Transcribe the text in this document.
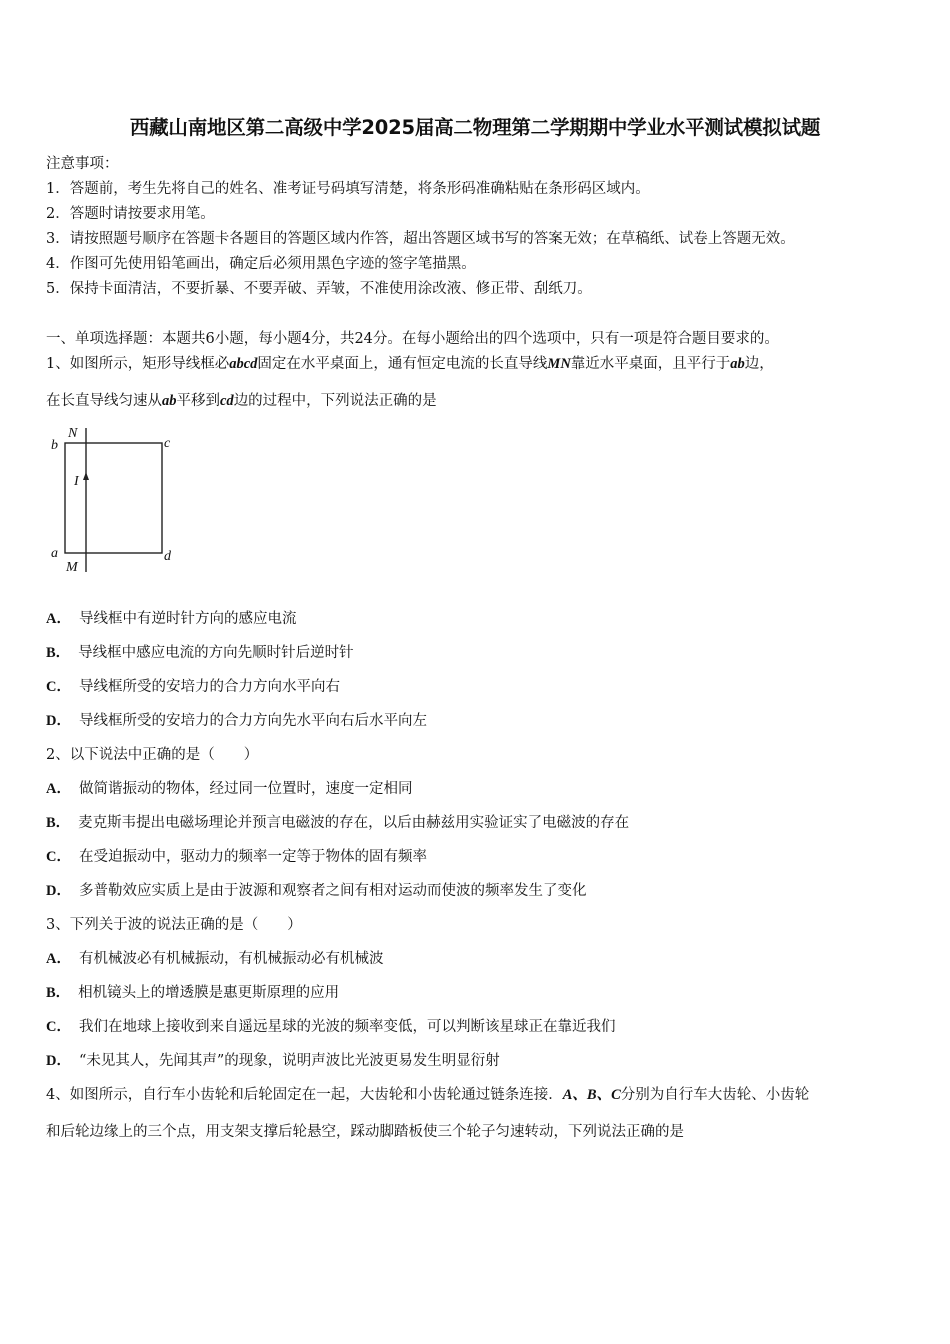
西藏山南地区第二高级中学2025届高二物理第二学期期中学业水平测试模拟试题
注意事项：
1．答题前，考生先将自己的姓名、准考证号码填写清楚，将条形码准确粘贴在条形码区域内。
2．答题时请按要求用笔。
3．请按照题号顺序在答题卡各题目的答题区域内作答，超出答题区域书写的答案无效；在草稿纸、试卷上答题无效。
4．作图可先使用铅笔画出，确定后必须用黑色字迹的签字笔描黑。
5．保持卡面清洁，不要折暴、不要弄破、弄皱，不准使用涂改液、修正带、刮纸刀。
一、单项选择题：本题共6小题，每小题4分，共24分。在每小题给出的四个选项中，只有一项是符合题目要求的。
1、如图所示，矩形导线框必abcd固定在水平桌面上，通有恒定电流的长直导线MN靠近水平桌面，且平行于ab边，
在长直导线匀速从ab平移到cd边的过程中，下列说法正确的是
N
M
b	c
a	d
I
A． 导线框中有逆时针方向的感应电流
B． 导线框中感应电流的方向先顺时针后逆时针
C． 导线框所受的安培力的合力方向水平向右
D． 导线框所受的安培力的合力方向先水平向右后水平向左
2、以下说法中正确的是（　　）
A． 做简谐振动的物体，经过同一位置时，速度一定相同
B． 麦克斯韦提出电磁场理论并预言电磁波的存在，以后由赫兹用实验证实了电磁波的存在
C． 在受迫振动中，驱动力的频率一定等于物体的固有频率
D． 多普勒效应实质上是由于波源和观察者之间有相对运动而使波的频率发生了变化
3、下列关于波的说法正确的是（　　）
A． 有机械波必有机械振动，有机械振动必有机械波
B． 相机镜头上的增透膜是惠更斯原理的应用
C． 我们在地球上接收到来自遥远星球的光波的频率变低，可以判断该星球正在靠近我们
D． “未见其人，先闻其声”的现象，说明声波比光波更易发生明显衍射
4、如图所示，自行车小齿轮和后轮固定在一起，大齿轮和小齿轮通过链条连接．A、B、C分别为自行车大齿轮、小齿轮
和后轮边缘上的三个点，用支架支撑后轮悬空，踩动脚踏板使三个轮子匀速转动，下列说法正确的是
